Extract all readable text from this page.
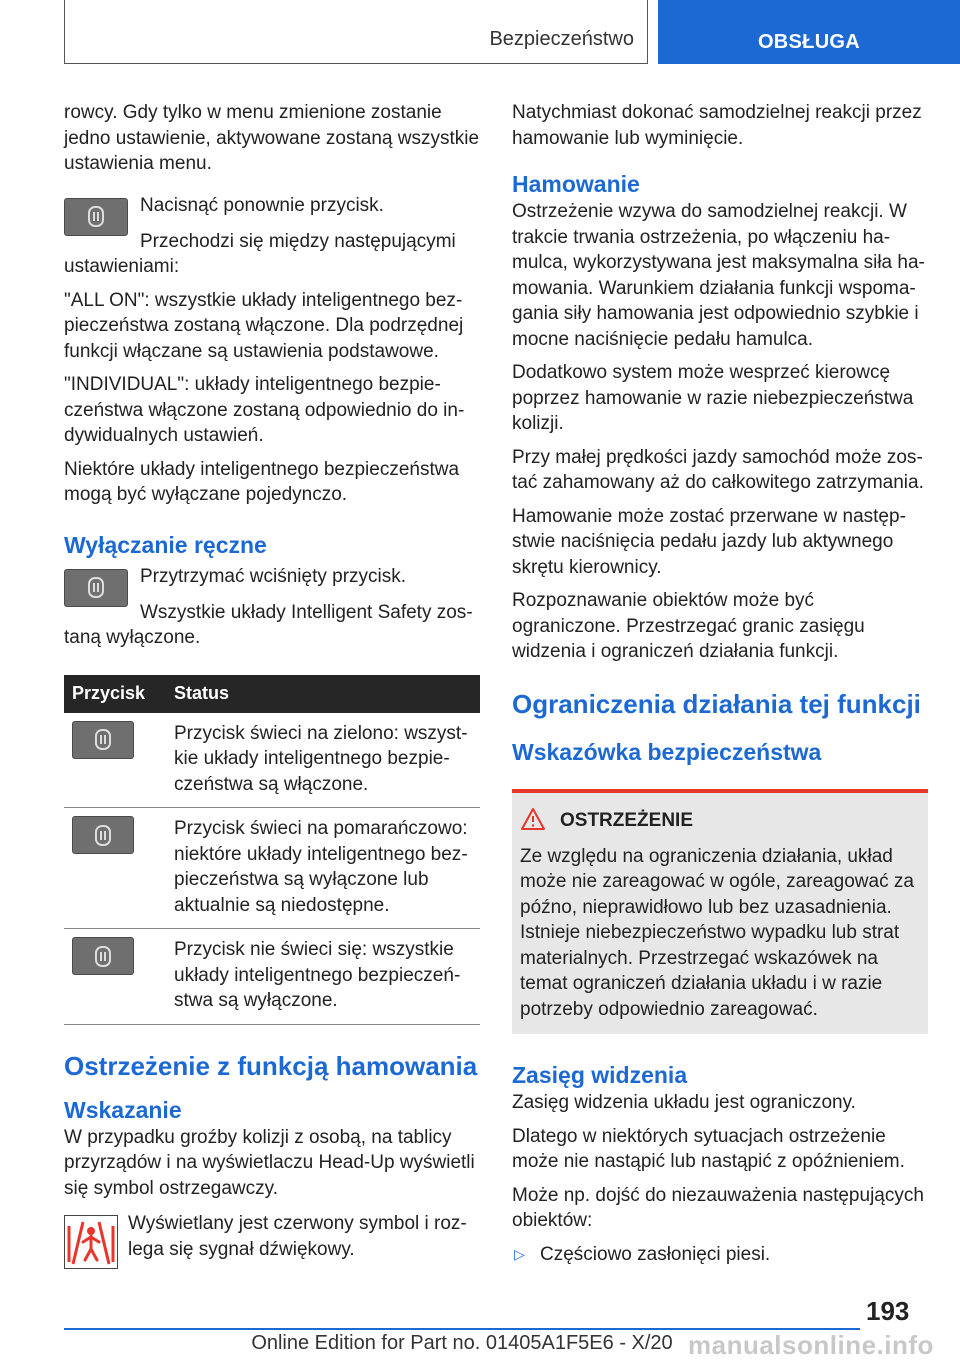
Bezpieczeństwo	OBSŁUGA

rowcy. Gdy tylko w menu zmienione zostanie jedno ustawienie, aktywowane zostaną wszystkie ustawienia menu.

Nacisnąć ponownie przycisk.

Przechodzi się między następującymi ustawieniami:

"ALL ON": wszystkie układy inteligentnego bezpieczeństwa zostaną włączone. Dla podrzędnej funkcji włączane są ustawienia podstawowe.

"INDIVIDUAL": układy inteligentnego bezpieczeństwa włączone zostaną odpowiednio do indywidualnych ustawień.

Niektóre układy inteligentnego bezpieczeństwa mogą być wyłączane pojedynczo.

Wyłączanie ręczne

Przytrzymać wciśnięty przycisk.

Wszystkie układy Intelligent Safety zostaną wyłączone.

Przycisk	Status

	Przycisk świeci na zielono: wszystkie układy inteligentnego bezpieczeństwa są włączone.

	Przycisk świeci na pomarańczowo: niektóre układy inteligentnego bezpieczeństwa są wyłączone lub aktualnie są niedostępne.

	Przycisk nie świeci się: wszystkie układy inteligentnego bezpieczeństwa są wyłączone.
Ostrzeżenie z funkcją hamowania
Wskazanie

W przypadku groźby kolizji z osobą, na tablicy przyrządów i na wyświetlaczu Head-Up wyświetli się symbol ostrzegawczy.

Wyświetlany jest czerwony symbol i rozlega się sygnał dźwiękowy.

Natychmiast dokonać samodzielnej reakcji przez hamowanie lub wyminięcie.

Hamowanie

Ostrzeżenie wzywa do samodzielnej reakcji. W trakcie trwania ostrzeżenia, po włączeniu hamulca, wykorzystywana jest maksymalna siła hamowania. Warunkiem działania funkcji wspomagania siły hamowania jest odpowiednio szybkie i mocne naciśnięcie pedału hamulca.

Dodatkowo system może wesprzeć kierowcę poprzez hamowanie w razie niebezpieczeństwa kolizji.

Przy małej prędkości jazdy samochód może zostać zahamowany aż do całkowitego zatrzymania.

Hamowanie może zostać przerwane w następstwie naciśnięcia pedału jazdy lub aktywnego skrętu kierownicy.

Rozpoznawanie obiektów może być ograniczone. Przestrzegać granic zasięgu widzenia i ograniczeń działania funkcji.

Ograniczenia działania tej funkcji
Wskazówka bezpieczeństwa
OSTRZEŻENIE

Ze względu na ograniczenia działania, układ może nie zareagować w ogóle, zareagować za późno, nieprawidłowo lub bez uzasadnienia. Istnieje niebezpieczeństwo wypadku lub strat materialnych. Przestrzegać wskazówek na temat ograniczeń działania układu i w razie potrzeby odpowiednio zareagować.

Zasięg widzenia

Zasięg widzenia układu jest ograniczony.

Dlatego w niektórych sytuacjach ostrzeżenie może nie nastąpić lub nastąpić z opóźnieniem.

Może np. dojść do niezauważenia następujących obiektów:

▷ Częściowo zasłonięci piesi.
193
Online Edition for Part no. 01405A1F5E6 - X/20 manualsonline.info
